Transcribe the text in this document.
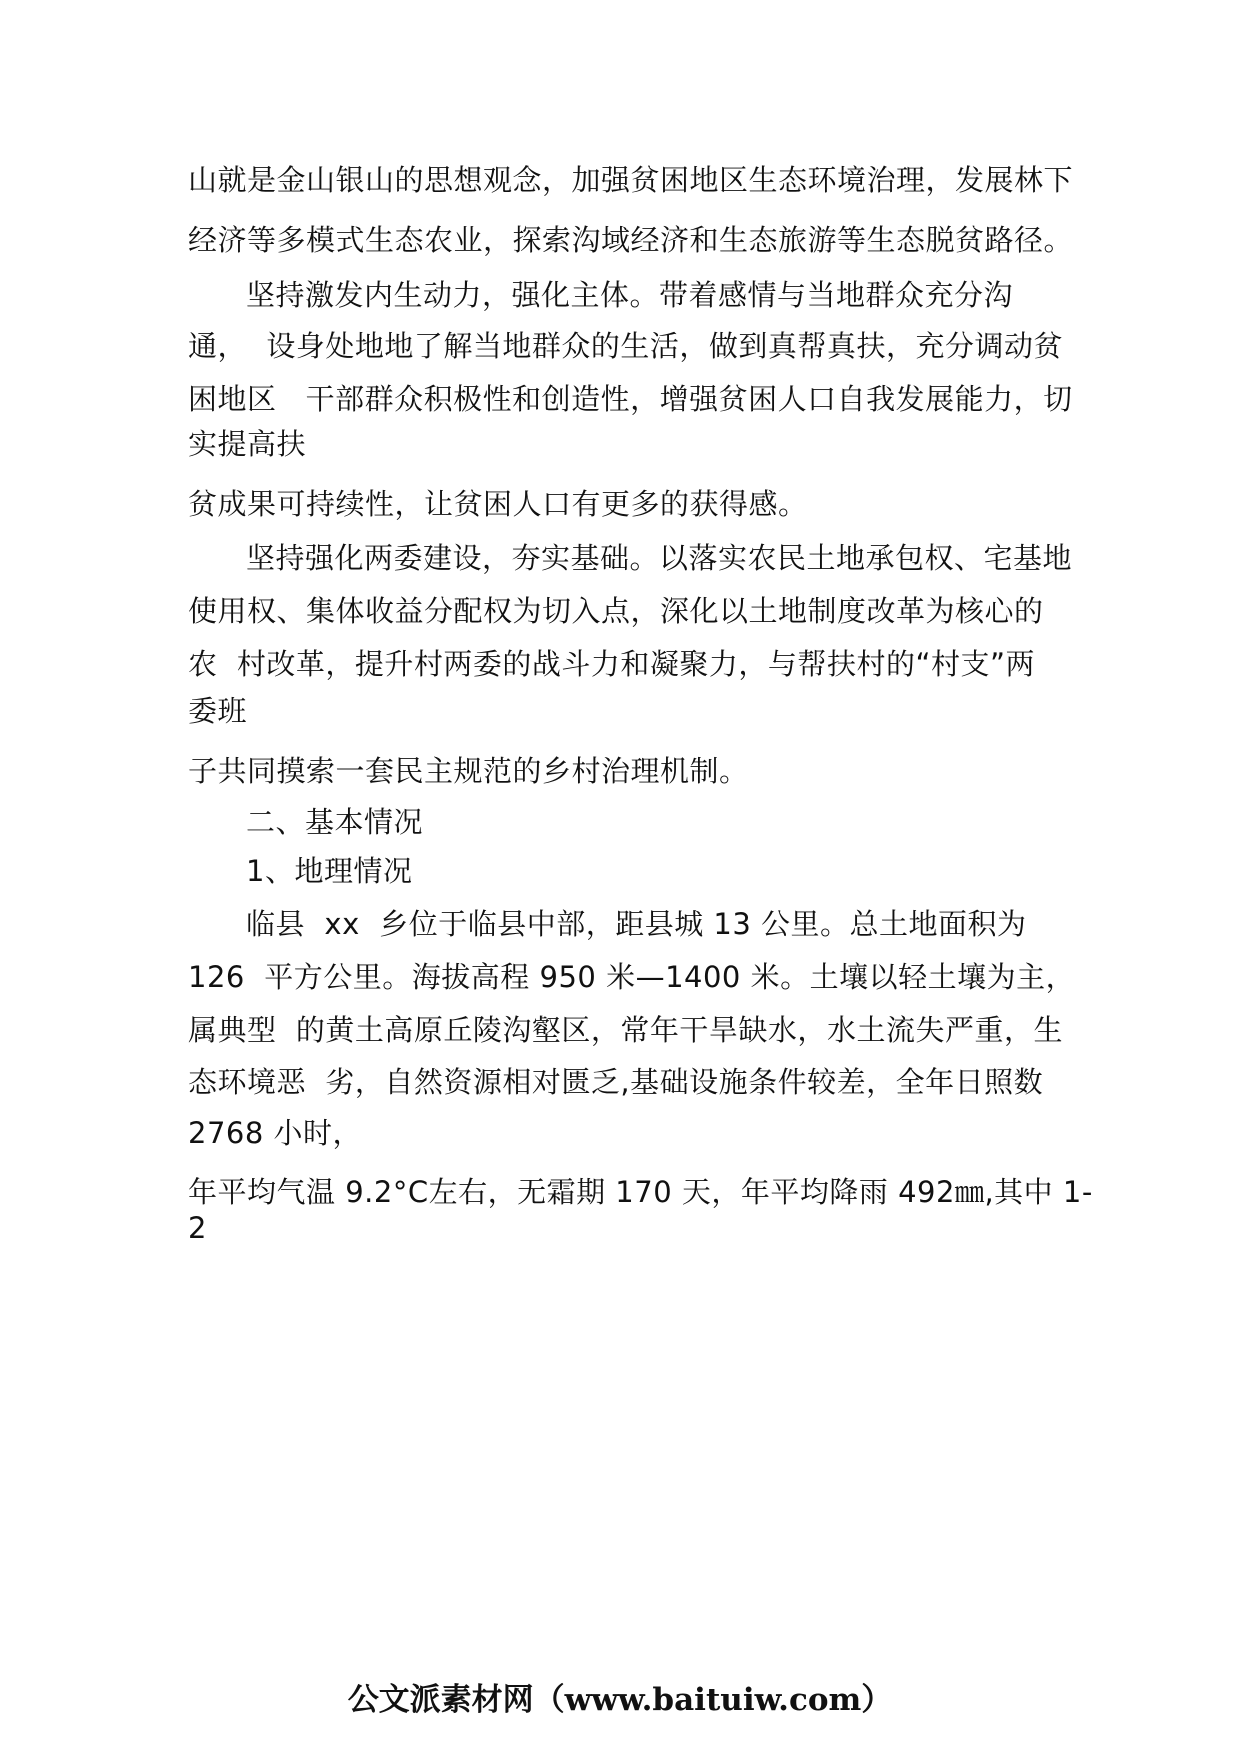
山就是金山银山的思想观念，加强贫困地区生态环境治理，发展林下
经济等多模式生态农业，探索沟域经济和生态旅游等生态脱贫路径。
坚持激发内生动力，强化主体。带着感情与当地群众充分沟
通，  设身处地地了解当地群众的生活，做到真帮真扶，充分调动贫
困地区   干部群众积极性和创造性，增强贫困人口自我发展能力，切
实提高扶
贫成果可持续性，让贫困人口有更多的获得感。
坚持强化两委建设，夯实基础。以落实农民土地承包权、宅基地
使用权、集体收益分配权为切入点，深化以土地制度改革为核心的
农  村改革，提升村两委的战斗力和凝聚力，与帮扶村的“村支”两
委班
子共同摸索一套民主规范的乡村治理机制。
二、基本情况
1、地理情况
临县  xx  乡位于临县中部，距县城 13 公里。总土地面积为
126  平方公里。海拔高程 950 米—1400 米。土壤以轻土壤为主，
属典型  的黄土高原丘陵沟壑区，常年干旱缺水，水土流失严重，生
态环境恶  劣，自然资源相对匮乏,基础设施条件较差，全年日照数
2768 小时，
年平均气温 9.2°C左右，无霜期 170 天，年平均降雨 492㎜,其中 1-
2
公文派素材网（www.baituiw.com）
